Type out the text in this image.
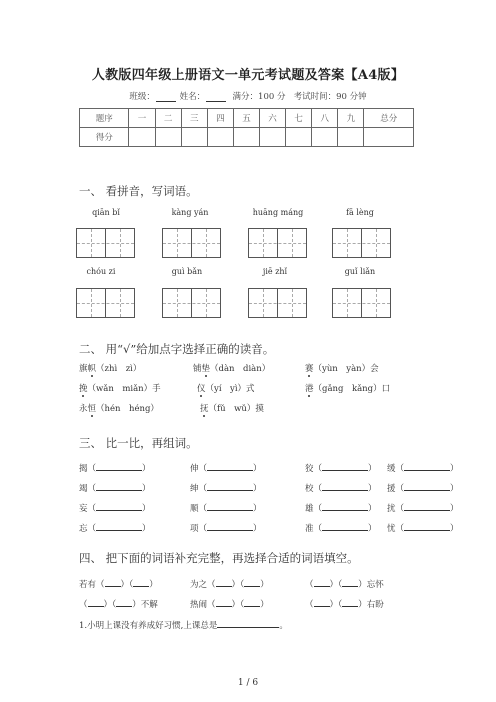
人教版四年级上册语文一单元考试题及答案【A4版】
班级：	姓名：	满分：100 分 考试时间：90 分钟
题序	一	二	三	四	五	六	七	八	九	总分
得分										
一、 看拼音，写词语。
qiān bǐ	kàng yán	huāng máng	fā lèng
chóu zi	guì bǎn	jiē zhǐ	guǐ liǎn
二、 用“√”给加点字选择正确的读音。
旗帜（zhì　zì）	铺垫（dàn　diàn）	赛（yùn　yàn）会
挽（wǎn　miǎn）手	仪（yí　yì）式	港（gǎng　kǎng）口
永恒（hén　héng）	抚（fǔ　wǔ）摸
三、 比一比，再组词。
揭（	）	伸（	）	狡（	） 缓（	）
竭（	）	绅（	）	校（	） 援（	）
妄（	）	顺（	）	雄（	） 扰（	）
忘（	）	项（	）	准（	） 忧（	）
四、 把下面的词语补充完整，再选择合适的词语填空。
若有（ ）（ ）	为之（ ）（ ）	（ ）（ ）忘怀
（ ）（ ）不解	热闹（ ）（ ）	（ ）（ ）右盼
1.小明上课没有养成好习惯,上课总是	。
1 / 6
